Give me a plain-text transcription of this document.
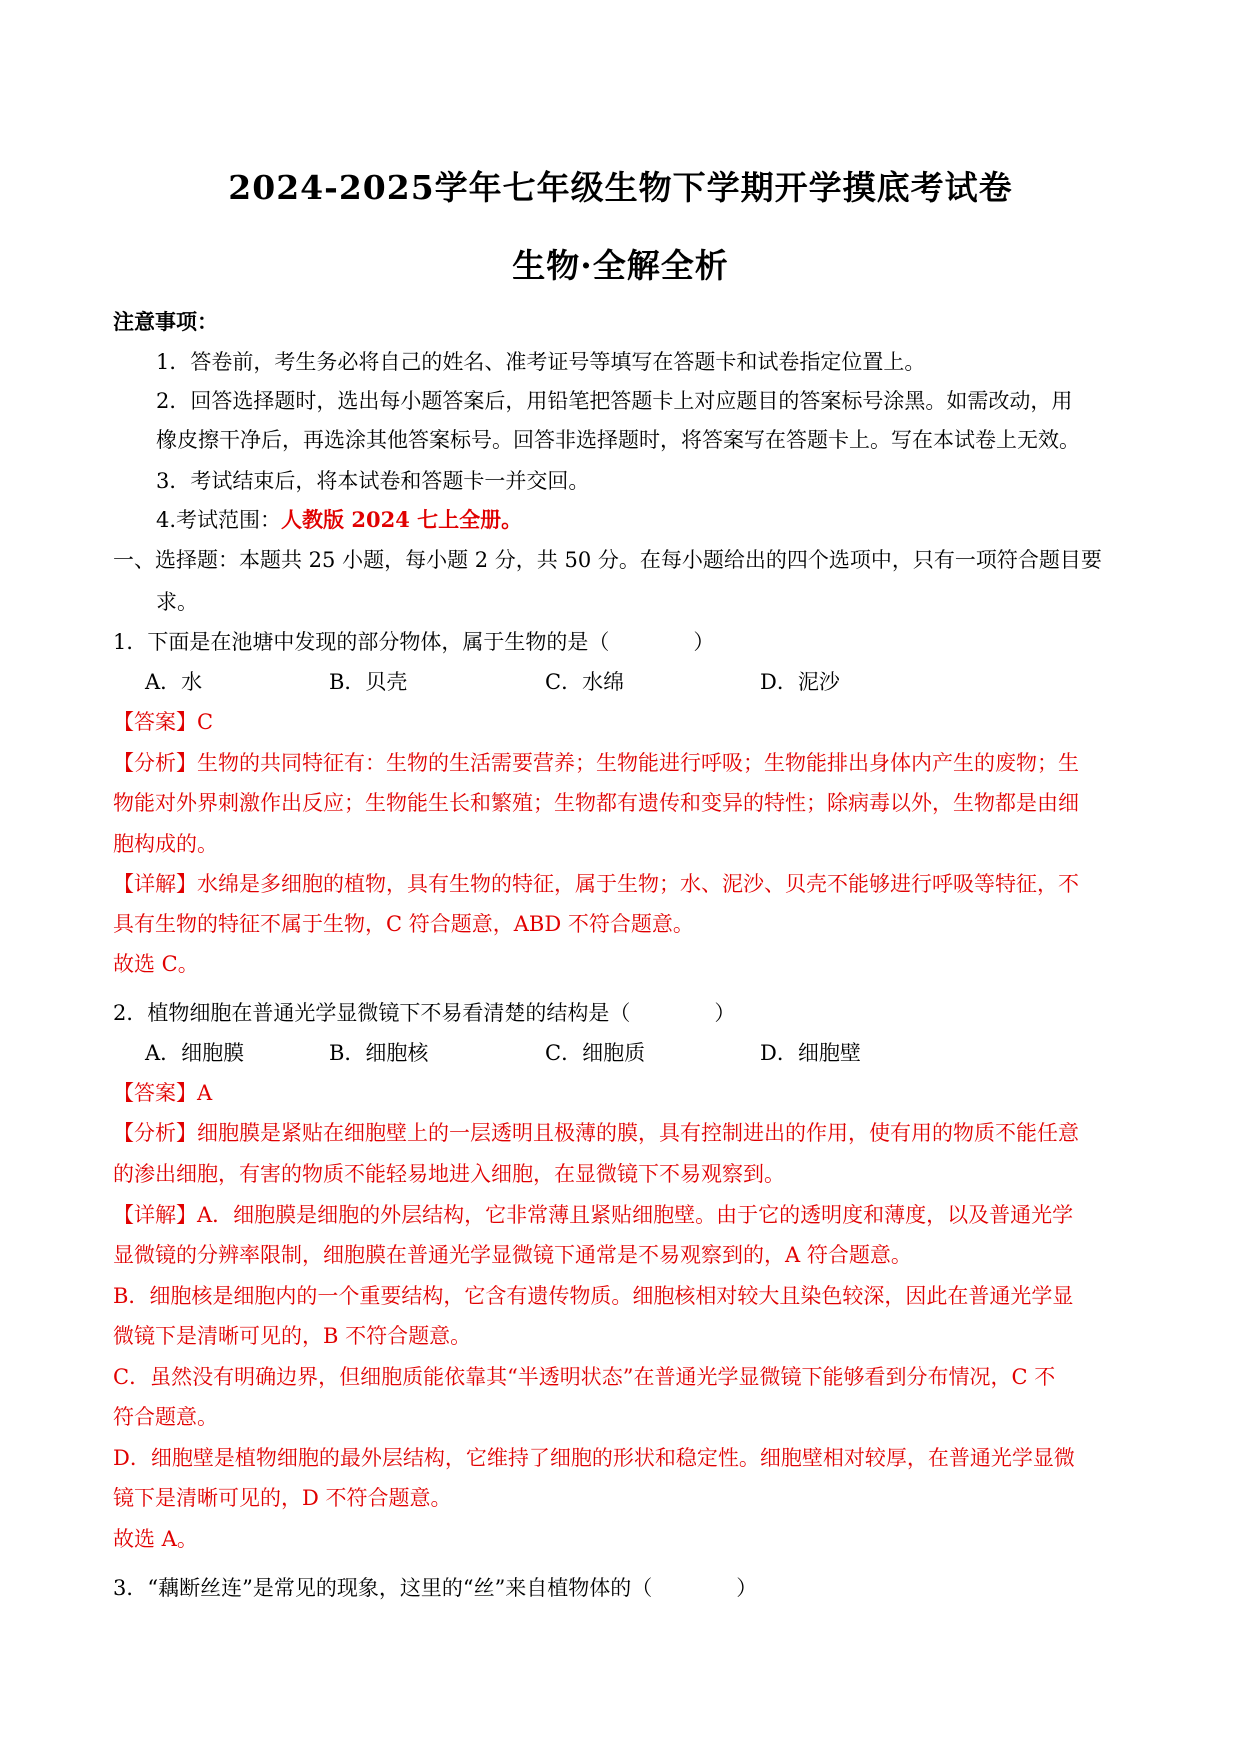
2024-2025学年七年级生物下学期开学摸底考试卷
生物·全解全析
注意事项：
1．答卷前，考生务必将自己的姓名、准考证号等填写在答题卡和试卷指定位置上。
2．回答选择题时，选出每小题答案后，用铅笔把答题卡上对应题目的答案标号涂黑。如需改动，用
橡皮擦干净后，再选涂其他答案标号。回答非选择题时，将答案写在答题卡上。写在本试卷上无效。
3．考试结束后，将本试卷和答题卡一并交回。
4.考试范围：人教版 2024 七上全册。
一、选择题：本题共 25 小题，每小题 2 分，共 50 分。在每小题给出的四个选项中，只有一项符合题目要
求。
1．下面是在池塘中发现的部分物体，属于生物的是（　　　　）
A．水	B．贝壳	C．水绵	D．泥沙
【答案】C
【分析】生物的共同特征有：生物的生活需要营养；生物能进行呼吸；生物能排出身体内产生的废物；生
物能对外界刺激作出反应；生物能生长和繁殖；生物都有遗传和变异的特性；除病毒以外，生物都是由细
胞构成的。
【详解】水绵是多细胞的植物，具有生物的特征，属于生物；水、泥沙、贝壳不能够进行呼吸等特征，不
具有生物的特征不属于生物，C 符合题意，ABD 不符合题意。
故选 C。
2．植物细胞在普通光学显微镜下不易看清楚的结构是（　　　　）
A．细胞膜	B．细胞核	C．细胞质	D．细胞壁
【答案】A
【分析】细胞膜是紧贴在细胞壁上的一层透明且极薄的膜，具有控制进出的作用，使有用的物质不能任意
的渗出细胞，有害的物质不能轻易地进入细胞，在显微镜下不易观察到。
【详解】A．细胞膜是细胞的外层结构，它非常薄且紧贴细胞壁。由于它的透明度和薄度，以及普通光学
显微镜的分辨率限制，细胞膜在普通光学显微镜下通常是不易观察到的，A 符合题意。
B．细胞核是细胞内的一个重要结构，它含有遗传物质。细胞核相对较大且染色较深，因此在普通光学显
微镜下是清晰可见的，B 不符合题意。
C．虽然没有明确边界，但细胞质能依靠其“半透明状态”在普通光学显微镜下能够看到分布情况，C 不
符合题意。
D．细胞壁是植物细胞的最外层结构，它维持了细胞的形状和稳定性。细胞壁相对较厚，在普通光学显微
镜下是清晰可见的，D 不符合题意。
故选 A。
3．“藕断丝连”是常见的现象，这里的“丝”来自植物体的（　　　　）
